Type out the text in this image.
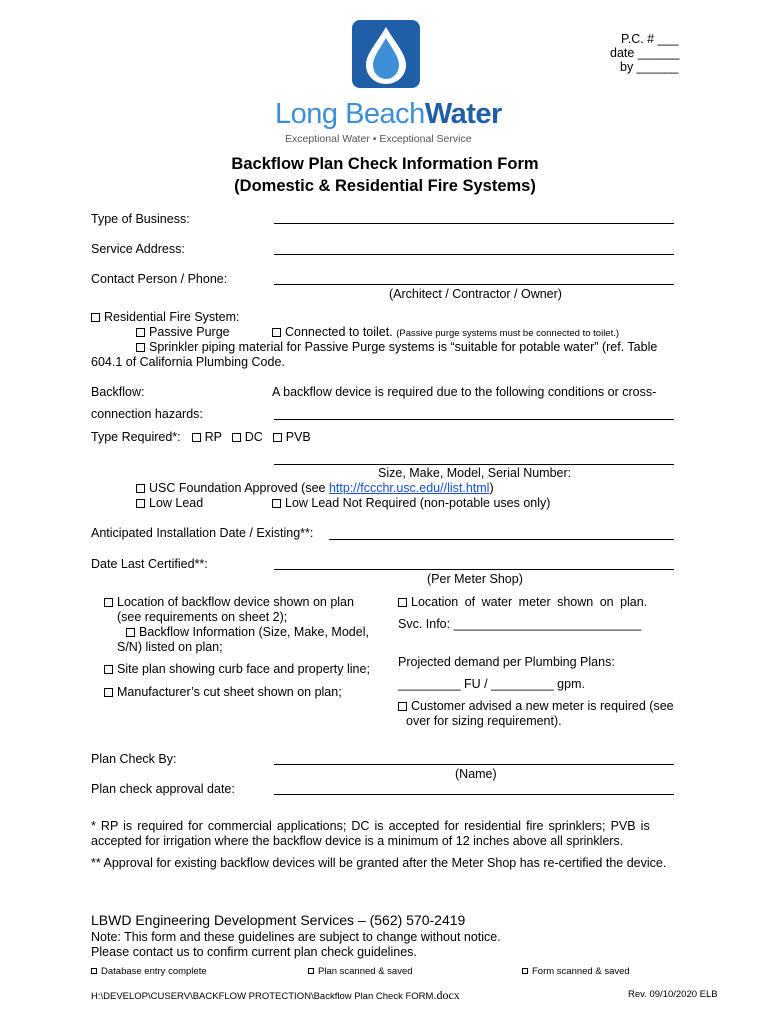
P.C. # ___
date ______
by ______
Long BeachWater
Exceptional Water • Exceptional Service
Backflow Plan Check Information Form
(Domestic & Residential Fire Systems)
Type of Business:
Service Address:
Contact Person / Phone:
(Architect / Contractor / Owner)
Residential Fire System:
Passive Purge	Connected to toilet. (Passive purge systems must be connected to toilet.)
Sprinkler piping material for Passive Purge systems is “suitable for potable water” (ref. Table
604.1 of California Plumbing Code.
Backflow:	A backflow device is required due to the following conditions or cross-
connection hazards:
Type Required*: RP DC PVB
Size, Make, Model, Serial Number:
USC Foundation Approved (see http://fccchr.usc.edu//list.html)
Low Lead	Low Lead Not Required (non-potable uses only)
Anticipated Installation Date / Existing**:
Date Last Certified**:
(Per Meter Shop)
Location of backflow device shown on plan
(see requirements on sheet 2);
Backflow Information (Size, Make, Model,
S/N) listed on plan;
Site plan showing curb face and property line;
Manufacturer’s cut sheet shown on plan;
Location of water meter shown on plan.
Svc. Info: ___________________________
Projected demand per Plumbing Plans:
_________ FU / _________ gpm.
Customer advised a new meter is required (see
over for sizing requirement).
Plan Check By:
(Name)
Plan check approval date:
* RP is required for commercial applications; DC is accepted for residential fire sprinklers; PVB is
accepted for irrigation where the backflow device is a minimum of 12 inches above all sprinklers.
** Approval for existing backflow devices will be granted after the Meter Shop has re-certified the device.
LBWD Engineering Development Services – (562) 570-2419
Note: This form and these guidelines are subject to change without notice.
Please contact us to confirm current plan check guidelines.
Database entry complete	Plan scanned & saved	Form scanned & saved
H:\DEVELOP\CUSERV\BACKFLOW PROTECTION\Backflow Plan Check FORM.docx	Rev. 09/10/2020 ELB
